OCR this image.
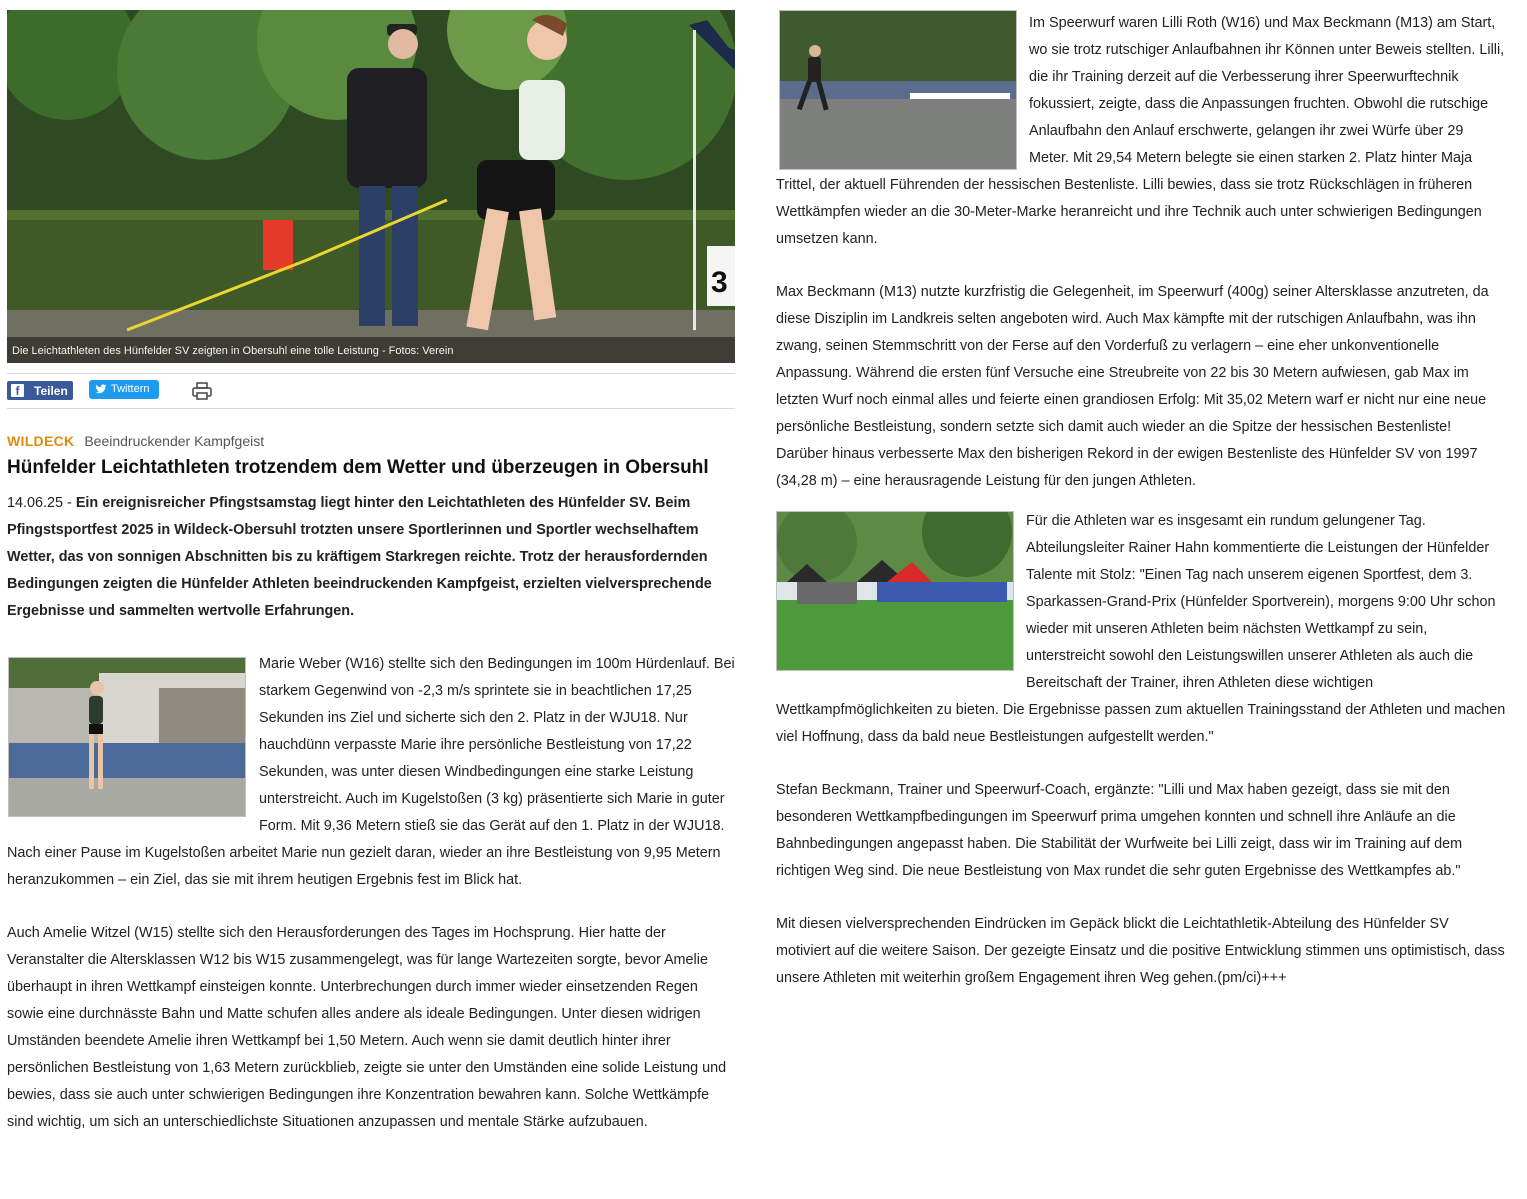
3
Die Leichtathleten des Hünfelder SV zeigten in Obersuhl eine tolle Leistung - Fotos: Verein
f	Teilen	Twittern
WILDECK Beeindruckender Kampfgeist
Hünfelder Leichtathleten trotzendem dem Wetter und überzeugen in Obersuhl

14.06.25 - Ein ereignisreicher Pfingstsamstag liegt hinter den Leichtathleten des Hünfelder SV. Beim Pfingstsportfest 2025 in Wildeck-Obersuhl trotzten unsere Sportlerinnen und Sportler wechselhaftem Wetter, das von sonnigen Abschnitten bis zu kräftigem Starkregen reichte. Trotz der herausfordernden Bedingungen zeigten die Hünfelder Athleten beeindruckenden Kampfgeist, erzielten vielversprechende Ergebnisse und sammelten wertvolle Erfahrungen.

Marie Weber (W16) stellte sich den Bedingungen im 100m Hürdenlauf. Bei starkem Gegenwind von -2,3 m/s sprintete sie in beachtlichen 17,25 Sekunden ins Ziel und sicherte sich den 2. Platz in der WJU18. Nur hauchdünn verpasste Marie ihre persönliche Bestleistung von 17,22 Sekunden, was unter diesen Windbedingungen eine starke Leistung unterstreicht. Auch im Kugelstoßen (3 kg) präsentierte sich Marie in guter Form. Mit 9,36 Metern stieß sie das Gerät auf den 1. Platz in der WJU18. Nach einer Pause im Kugelstoßen arbeitet Marie nun gezielt daran, wieder an ihre Bestleistung von 9,95 Metern heranzukommen – ein Ziel, das sie mit ihrem heutigen Ergebnis fest im Blick hat.

Auch Amelie Witzel (W15) stellte sich den Herausforderungen des Tages im Hochsprung. Hier hatte der Veranstalter die Altersklassen W12 bis W15 zusammengelegt, was für lange Wartezeiten sorgte, bevor Amelie überhaupt in ihren Wettkampf einsteigen konnte. Unterbrechungen durch immer wieder einsetzenden Regen sowie eine durchnässte Bahn und Matte schufen alles andere als ideale Bedingungen. Unter diesen widrigen Umständen beendete Amelie ihren Wettkampf bei 1,50 Metern. Auch wenn sie damit deutlich hinter ihrer persönlichen Bestleistung von 1,63 Metern zurückblieb, zeigte sie unter den Umständen eine solide Leistung und bewies, dass sie auch unter schwierigen Bedingungen ihre Konzentration bewahren kann. Solche Wettkämpfe sind wichtig, um sich an unterschiedlichste Situationen anzupassen und mentale Stärke aufzubauen.

Im Speerwurf waren Lilli Roth (W16) und Max Beckmann (M13) am Start, wo sie trotz rutschiger Anlaufbahnen ihr Können unter Beweis stellten. Lilli, die ihr Training derzeit auf die Verbesserung ihrer Speerwurftechnik fokussiert, zeigte, dass die Anpassungen fruchten. Obwohl die rutschige Anlaufbahn den Anlauf erschwerte, gelangen ihr zwei Würfe über 29 Meter. Mit 29,54 Metern belegte sie einen starken 2. Platz hinter Maja Trittel, der aktuell Führenden der hessischen Bestenliste. Lilli bewies, dass sie trotz Rückschlägen in früheren Wettkämpfen wieder an die 30-Meter-Marke heranreicht und ihre Technik auch unter schwierigen Bedingungen umsetzen kann.

Max Beckmann (M13) nutzte kurzfristig die Gelegenheit, im Speerwurf (400g) seiner Altersklasse anzutreten, da diese Disziplin im Landkreis selten angeboten wird. Auch Max kämpfte mit der rutschigen Anlaufbahn, was ihn zwang, seinen Stemmschritt von der Ferse auf den Vorderfuß zu verlagern – eine eher unkonventionelle Anpassung. Während die ersten fünf Versuche eine Streubreite von 22 bis 30 Metern aufwiesen, gab Max im letzten Wurf noch einmal alles und feierte einen grandiosen Erfolg: Mit 35,02 Metern warf er nicht nur eine neue persönliche Bestleistung, sondern setzte sich damit auch wieder an die Spitze der hessischen Bestenliste! Darüber hinaus verbesserte Max den bisherigen Rekord in der ewigen Bestenliste des Hünfelder SV von 1997 (34,28 m) – eine herausragende Leistung für den jungen Athleten.

Für die Athleten war es insgesamt ein rundum gelungener Tag. Abteilungsleiter Rainer Hahn kommentierte die Leistungen der Hünfelder Talente mit Stolz: "Einen Tag nach unserem eigenen Sportfest, dem 3. Sparkassen-Grand-Prix (Hünfelder Sportverein), morgens 9:00 Uhr schon wieder mit unseren Athleten beim nächsten Wettkampf zu sein, unterstreicht sowohl den Leistungswillen unserer Athleten als auch die Bereitschaft der Trainer, ihren Athleten diese wichtigen Wettkampfmöglichkeiten zu bieten. Die Ergebnisse passen zum aktuellen Trainingsstand der Athleten und machen viel Hoffnung, dass da bald neue Bestleistungen aufgestellt werden."

Stefan Beckmann, Trainer und Speerwurf-Coach, ergänzte: "Lilli und Max haben gezeigt, dass sie mit den besonderen Wettkampfbedingungen im Speerwurf prima umgehen konnten und schnell ihre Anläufe an die Bahnbedingungen angepasst haben. Die Stabilität der Wurfweite bei Lilli zeigt, dass wir im Training auf dem richtigen Weg sind. Die neue Bestleistung von Max rundet die sehr guten Ergebnisse des Wettkampfes ab."

Mit diesen vielversprechenden Eindrücken im Gepäck blickt die Leichtathletik-Abteilung des Hünfelder SV motiviert auf die weitere Saison. Der gezeigte Einsatz und die positive Entwicklung stimmen uns optimistisch, dass unsere Athleten mit weiterhin großem Engagement ihren Weg gehen.(pm/ci)+++
